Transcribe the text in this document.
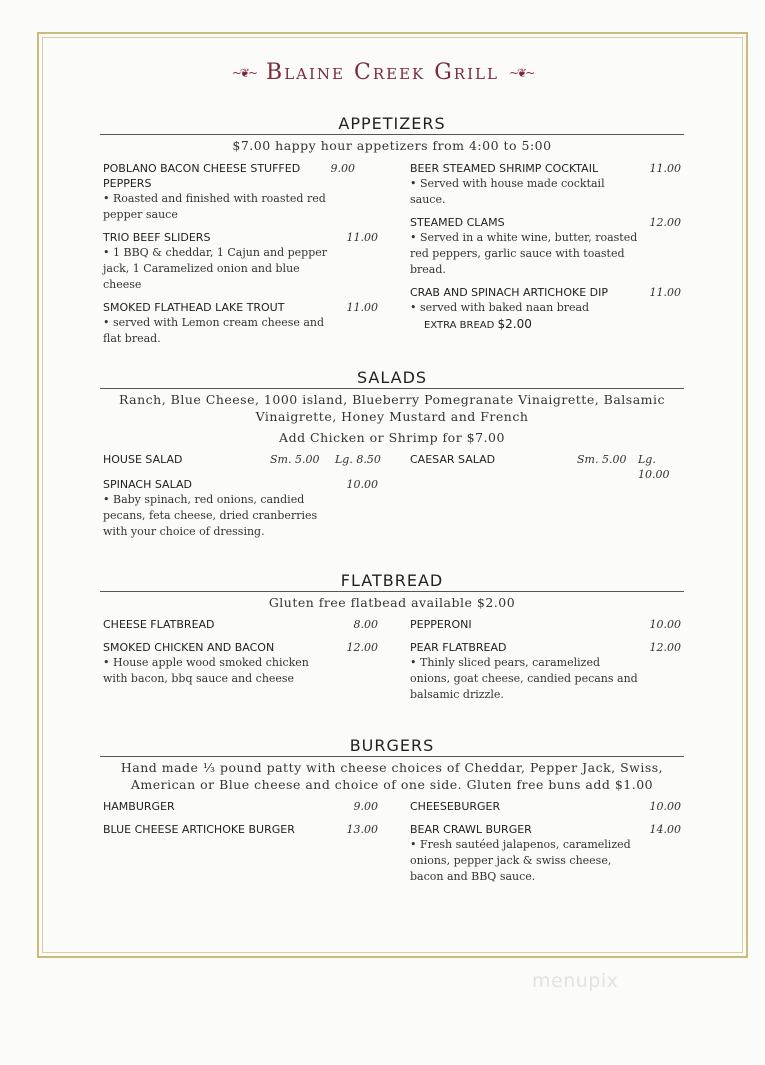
~❦~ Blaine Creek Grill ~❦~
APPETIZERS
$7.00 happy hour appetizers from 4:00 to 5:00
POBLANO BACON CHEESE STUFFED PEPPERS
9.00
• Roasted and finished with roasted red pepper sauce
TRIO BEEF SLIDERS	11.00
• 1 BBQ & cheddar, 1 Cajun and pepper jack, 1 Caramelized onion and blue cheese
SMOKED FLATHEAD LAKE TROUT	11.00
• served with Lemon cream cheese and flat bread.
BEER STEAMED SHRIMP COCKTAIL	11.00
• Served with house made cocktail sauce.
STEAMED CLAMS	12.00
• Served in a white wine, butter, roasted red peppers, garlic sauce with toasted bread.
CRAB AND SPINACH ARTICHOKE DIP	11.00
• served with baked naan bread
EXTRA BREAD $2.00
SALADS
Ranch, Blue Cheese, 1000 island, Blueberry Pomegranate Vinaigrette, Balsamic Vinaigrette, Honey Mustard and French
Add Chicken or Shrimp for $7.00
HOUSE SALAD	Sm. 5.00 Lg. 8.50
SPINACH SALAD	10.00
• Baby spinach, red onions, candied pecans, feta cheese, dried cranberries with your choice of dressing.
CAESAR SALAD	Sm. 5.00 Lg. 10.00
FLATBREAD
Gluten free flatbead available $2.00
CHEESE FLATBREAD	8.00
SMOKED CHICKEN AND BACON	12.00
• House apple wood smoked chicken with bacon, bbq sauce and cheese
PEPPERONI	10.00
PEAR FLATBREAD	12.00
• Thinly sliced pears, caramelized onions, goat cheese, candied pecans and balsamic drizzle.
BURGERS
Hand made ⅓ pound patty with cheese choices of Cheddar, Pepper Jack, Swiss, American or Blue cheese and choice of one side. Gluten free buns add $1.00
HAMBURGER	9.00
BLUE CHEESE ARTICHOKE BURGER	13.00
CHEESEBURGER	10.00
BEAR CRAWL BURGER	14.00
• Fresh sautéed jalapenos, caramelized onions, pepper jack & swiss cheese, bacon and BBQ sauce.
menupix
